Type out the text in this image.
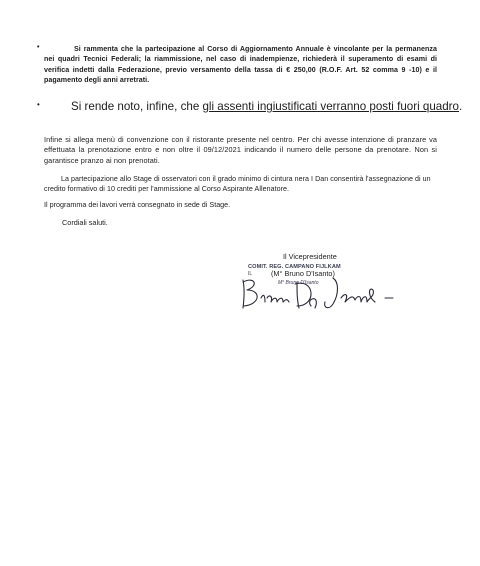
•	Si rammenta che la partecipazione al Corso di Aggiornamento Annuale è vincolante per la permanenza nei quadri Tecnici Federali; la riammissione, nel caso di inadempienze, richiederà il superamento di esami di verifica indetti dalla Federazione, previo versamento della tassa di € 250,00 (R.O.F. Art. 52 comma 9 -10) e il pagamento degli anni arretrati.
•	Si rende noto, infine, che gli assenti ingiustificati verranno posti fuori quadro.
Infine si allega menù di convenzione con il ristorante presente nel centro. Per chi avesse intenzione di pranzare va effettuata la prenotazione entro e non oltre il 09/12/2021 indicando il numero delle persone da prenotare. Non si garantisce pranzo ai non prenotati.
La partecipazione allo Stage di osservatori con il grado minimo di cintura nera I Dan consentirà l'assegnazione di un credito formativo di 10 crediti per l'ammissione al Corso Aspirante Allenatore.
Il programma dei lavori verrà consegnato in sede di Stage.
Cordiali saluti.
Il Vicepresidente
COMIT. REG. CAMPANO FIJLKAM
IL	(M° Bruno D'Isanto)
M° Bruno D'Isanto
